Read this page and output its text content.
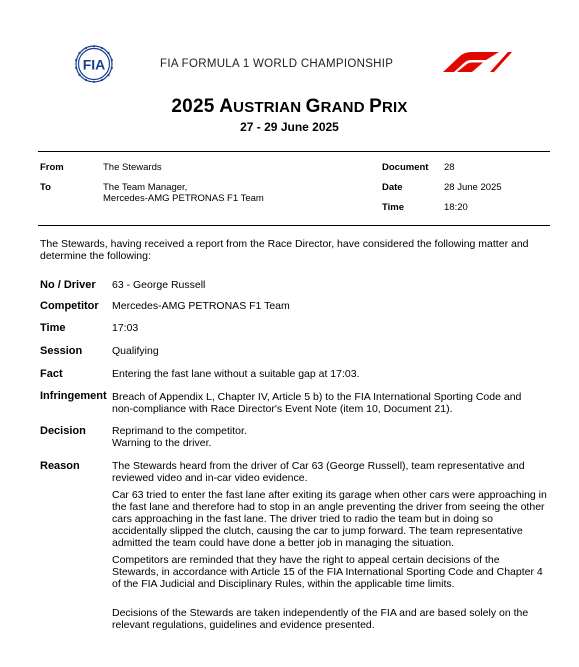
FIA	FIA FORMULA 1 WORLD CHAMPIONSHIP
2025 AUSTRIAN GRAND PRIX
27 - 29 June 2025
From	The Stewards
To	The Team Manager,
Mercedes-AMG PETRONAS F1 Team
Document 28
Date	28 June 2025
Time	18:20
The Stewards, having received a report from the Race Director, have considered the following matter and determine the following:
No / Driver 63 - George Russell
Competitor Mercedes-AMG PETRONAS F1 Team
Time	17:03
Session	Qualifying
Fact	Entering the fast lane without a suitable gap at 17:03.
Infringement Breach of Appendix L, Chapter IV, Article 5 b) to the FIA International Sporting Code and non-compliance with Race Director's Event Note (item 10, Document 21).
Decision Reprimand to the competitor.

Warning to the driver.

Reason	The Stewards heard from the driver of Car 63 (George Russell), team representative and reviewed video and in-car video evidence.

Car 63 tried to enter the fast lane after exiting its garage when other cars were approaching in the fast lane and therefore had to stop in an angle preventing the driver from seeing the other cars approaching in the fast lane. The driver tried to radio the team but in doing so accidentally slipped the clutch, causing the car to jump forward. The team representative admitted the team could have done a better job in managing the situation.

Competitors are reminded that they have the right to appeal certain decisions of the Stewards, in accordance with Article 15 of the FIA International Sporting Code and Chapter 4 of the FIA Judicial and Disciplinary Rules, within the applicable time limits.

Decisions of the Stewards are taken independently of the FIA and are based solely on the relevant regulations, guidelines and evidence presented.
